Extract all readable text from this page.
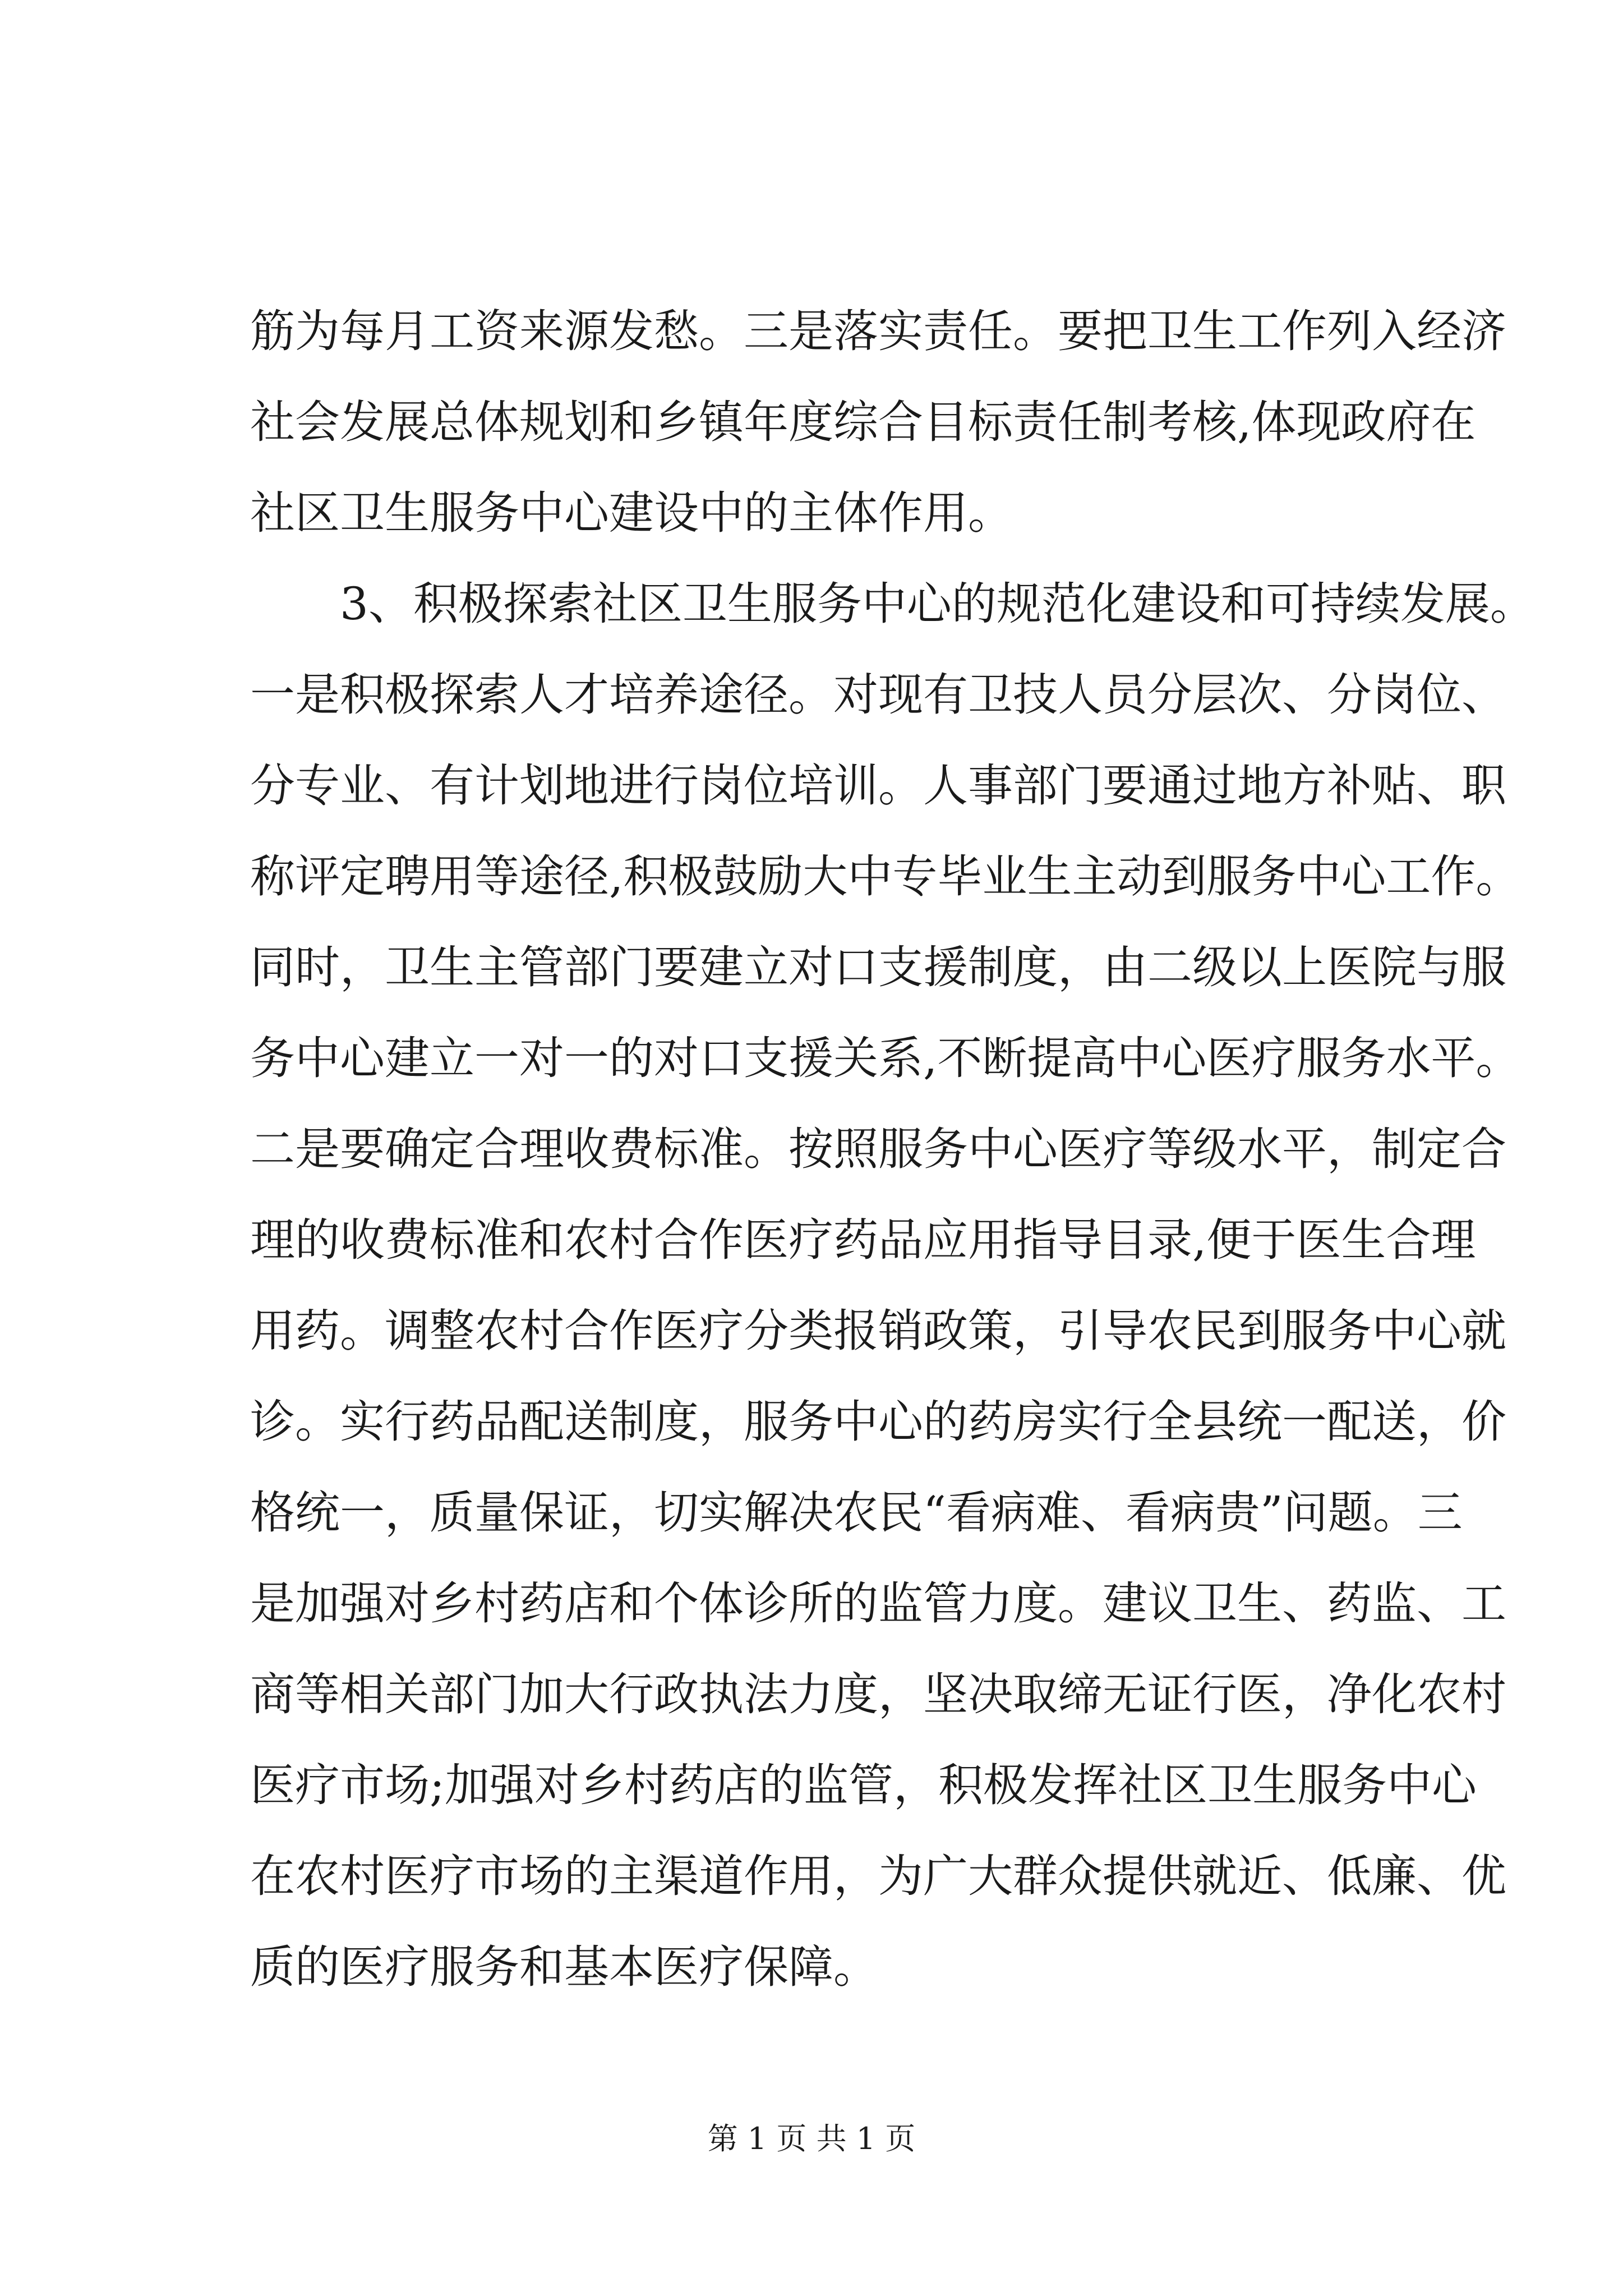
筋为每月工资来源发愁。三是落实责任。要把卫生工作列入经济
社会发展总体规划和乡镇年度综合目标责任制考核,体现政府在
社区卫生服务中心建设中的主体作用。
3、积极探索社区卫生服务中心的规范化建设和可持续发展。
一是积极探索人才培养途径。对现有卫技人员分层次、分岗位、
分专业、有计划地进行岗位培训。人事部门要通过地方补贴、职
称评定聘用等途径,积极鼓励大中专毕业生主动到服务中心工作。
同时，卫生主管部门要建立对口支援制度，由二级以上医院与服
务中心建立一对一的对口支援关系,不断提高中心医疗服务水平。
二是要确定合理收费标准。按照服务中心医疗等级水平，制定合
理的收费标准和农村合作医疗药品应用指导目录,便于医生合理
用药。调整农村合作医疗分类报销政策，引导农民到服务中心就
诊。实行药品配送制度，服务中心的药房实行全县统一配送，价
格统一，质量保证，切实解决农民“看病难、看病贵”问题。三
是加强对乡村药店和个体诊所的监管力度。建议卫生、药监、工
商等相关部门加大行政执法力度，坚决取缔无证行医，净化农村
医疗市场;加强对乡村药店的监管，积极发挥社区卫生服务中心
在农村医疗市场的主渠道作用，为广大群众提供就近、低廉、优
质的医疗服务和基本医疗保障。
第 1 页 共 1 页
